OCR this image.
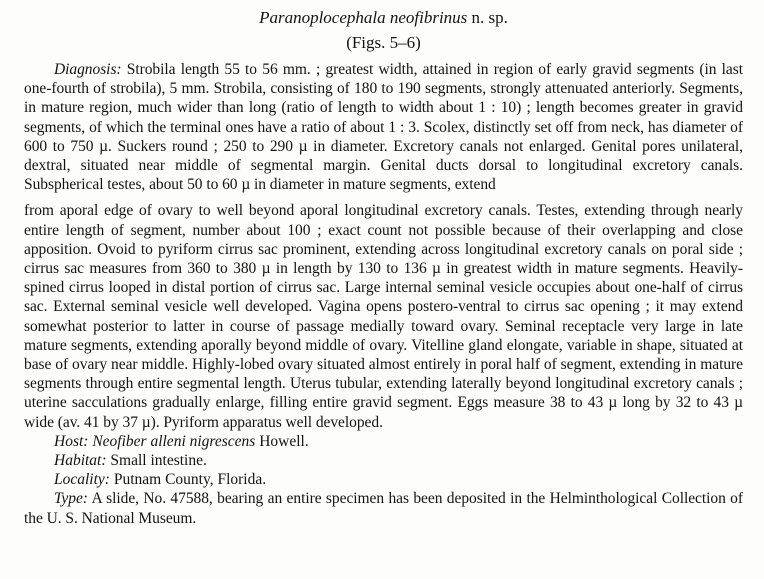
Paranoplocephala neofibrinus n. sp.
(Figs. 5–6)

Diagnosis: Strobila length 55 to 56 mm. ; greatest width, attained in region of early gravid segments (in last one-fourth of strobila), 5 mm. Strobila, consisting of 180 to 190 segments, strongly attenuated anteriorly. Segments, in mature region, much wider than long (ratio of length to width about 1 : 10) ; length becomes greater in gravid segments, of which the terminal ones have a ratio of about 1 : 3. Scolex, distinctly set off from neck, has diameter of 600 to 750 µ. Suckers round ; 250 to 290 µ in diameter. Excretory canals not enlarged. Genital pores unilateral, dextral, situated near middle of segmental margin. Genital ducts dorsal to longitudinal excretory canals. Subspherical testes, about 50 to 60 µ in diameter in mature segments, extend

from aporal edge of ovary to well beyond aporal longitudinal excretory canals. Testes, extending through nearly entire length of segment, number about 100 ; exact count not possible because of their overlapping and close apposition. Ovoid to pyriform cirrus sac prominent, extending across longitudinal excretory canals on poral side ; cirrus sac measures from 360 to 380 µ in length by 130 to 136 µ in greatest width in mature segments. Heavily-spined cirrus looped in distal portion of cirrus sac. Large internal seminal vesicle occupies about one-half of cirrus sac. External seminal vesicle well developed. Vagina opens postero-ventral to cirrus sac opening ; it may extend somewhat posterior to latter in course of passage medially toward ovary. Seminal receptacle very large in late mature segments, extending aporally beyond middle of ovary. Vitelline gland elongate, variable in shape, situated at base of ovary near middle. Highly-lobed ovary situated almost entirely in poral half of segment, extending in mature segments through entire segmental length. Uterus tubular, extending laterally beyond longitudinal excretory canals ; uterine sacculations gradually enlarge, filling entire gravid segment. Eggs measure 38 to 43 µ long by 32 to 43 µ wide (av. 41 by 37 µ). Pyriform apparatus well developed.

Host: Neofiber alleni nigrescens Howell.

Habitat: Small intestine.

Locality: Putnam County, Florida.

Type: A slide, No. 47588, bearing an entire specimen has been deposited in the Helminthological Collection of the U. S. National Museum.
